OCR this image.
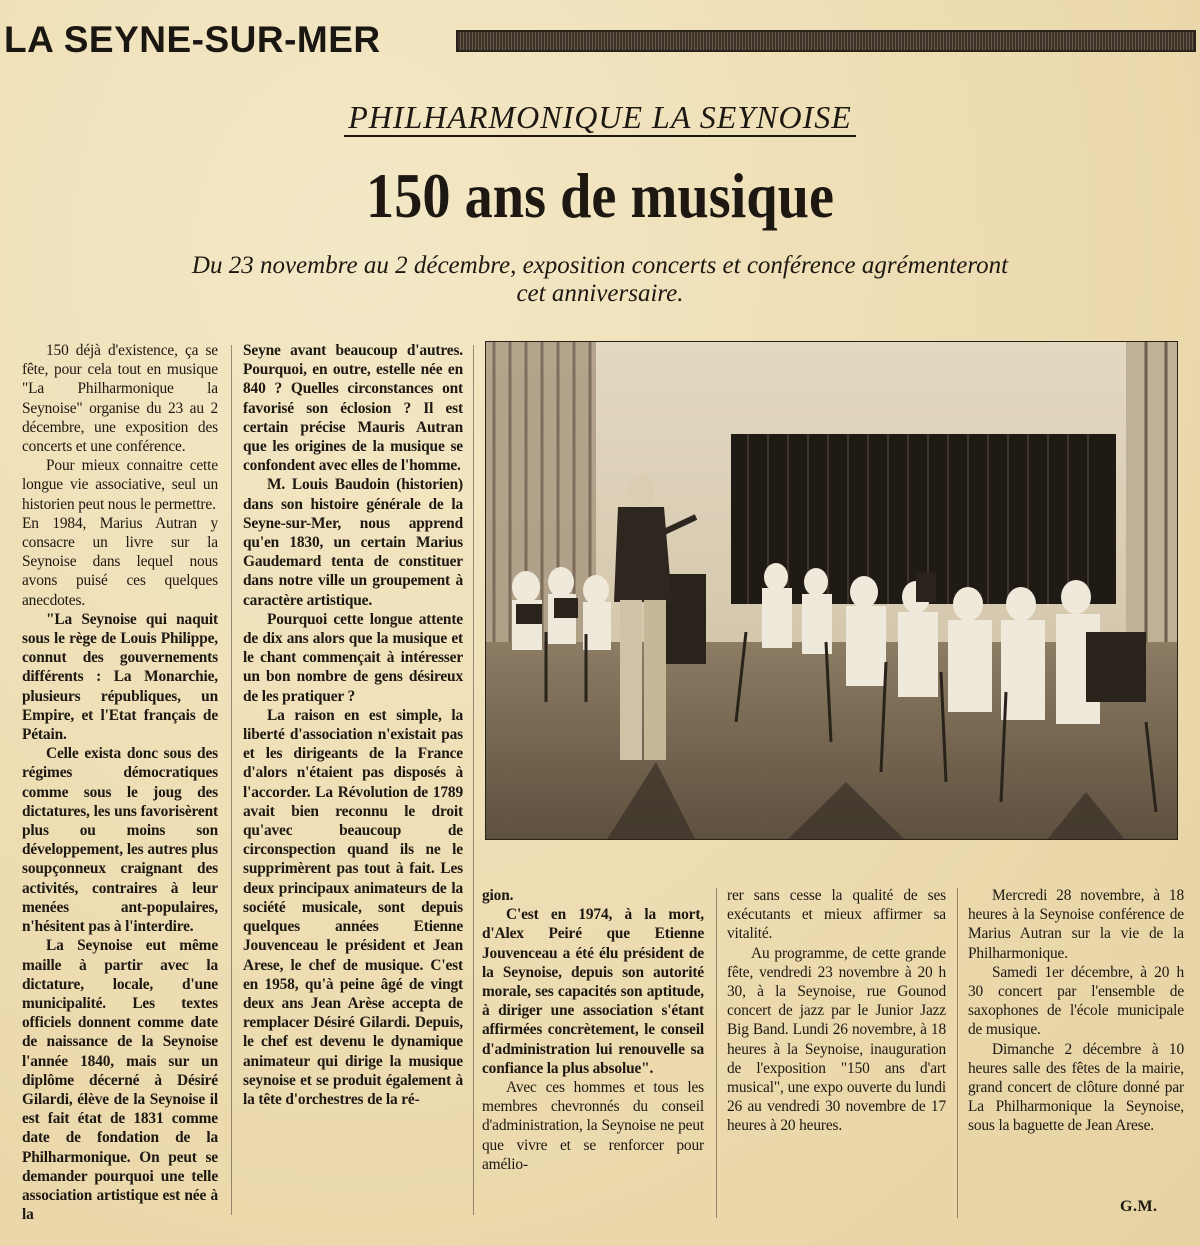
LA SEYNE-SUR-MER
PHILHARMONIQUE LA SEYNOISE
150 ans de musique
Du 23 novembre au 2 décembre, exposition concerts et conférence agrémenteront
cet anniversaire.

150 déjà d'existence, ça se fête, pour cela tout en musique "La Philharmonique la Seynoise" organise du 23 au 2 décembre, une exposition des concerts et une conférence.

Pour mieux connaitre cette longue vie associative, seul un historien peut nous le permettre.

En 1984, Marius Autran y consacre un livre sur la Seynoise dans lequel nous avons puisé ces quelques anecdotes.

"La Seynoise qui naquit sous le rège de Louis Philippe, connut des gouvernements différents : La Monarchie, plusieurs républiques, un Empire, et l'Etat français de Pétain.

Celle exista donc sous des régimes démocratiques comme sous le joug des dictatures, les uns favorisèrent plus ou moins son développement, les autres plus soupçonneux craignant des activités, contraires à leur menées ant-populaires, n'hésitent pas à l'interdire.

La Seynoise eut même maille à partir avec la dictature, locale, d'une municipalité. Les textes officiels donnent comme date de naissance de la Seynoise l'année 1840, mais sur un diplôme décerné à Désiré Gilardi, élève de la Seynoise il est fait état de 1831 comme date de fondation de la Philharmonique. On peut se demander pourquoi une telle association artistique est née à la

Seyne avant beaucoup d'autres. Pourquoi, en outre, estelle née en 840 ? Quelles circonstances ont favorisé son éclosion ? Il est certain précise Mauris Autran que les origines de la musique se confondent avec elles de l'homme.

M. Louis Baudoin (historien) dans son histoire générale de la Seyne-sur-Mer, nous apprend qu'en 1830, un certain Marius Gaudemard tenta de constituer dans notre ville un groupement à caractère artistique.

Pourquoi cette longue attente de dix ans alors que la musique et le chant commençait à intéresser un bon nombre de gens désireux de les pratiquer ?

La raison en est simple, la liberté d'association n'existait pas et les dirigeants de la France d'alors n'étaient pas disposés à l'accorder. La Révolution de 1789 avait bien reconnu le droit qu'avec beaucoup de circonspection quand ils ne le supprimèrent pas tout à fait. Les deux principaux animateurs de la société musicale, sont depuis quelques années Etienne Jouvenceau le président et Jean Arese, le chef de musique. C'est en 1958, qu'à peine âgé de vingt deux ans Jean Arèse accepta de remplacer Désiré Gilardi. Depuis, le chef est devenu le dynamique animateur qui dirige la musique seynoise et se produit également à la tête d'orchestres de la ré-

gion.

C'est en 1974, à la mort, d'Alex Peiré que Etienne Jouvenceau a été élu président de la Seynoise, depuis son autorité morale, ses capacités son aptitude, à diriger une association s'étant affirmées concrètement, le conseil d'administration lui renouvelle sa confiance la plus absolue".

Avec ces hommes et tous les membres chevronnés du conseil d'administration, la Seynoise ne peut que vivre et se renforcer pour amélio-

rer sans cesse la qualité de ses exécutants et mieux affirmer sa vitalité.

Au programme, de cette grande fête, vendredi 23 novembre à 20 h 30, à la Seynoise, rue Gounod concert de jazz par le Junior Jazz Big Band. Lundi 26 novembre, à 18 heures à la Seynoise, inauguration de l'exposition "150 ans d'art musical", une expo ouverte du lundi 26 au vendredi 30 novembre de 17 heures à 20 heures.

Mercredi 28 novembre, à 18 heures à la Seynoise conférence de Marius Autran sur la vie de la Philharmonique.

Samedi 1er décembre, à 20 h 30 concert par l'ensemble de saxophones de l'école municipale de musique.

Dimanche 2 décembre à 10 heures salle des fêtes de la mairie, grand concert de clôture donné par La Philharmonique la Seynoise, sous la baguette de Jean Arese.

G.M.
